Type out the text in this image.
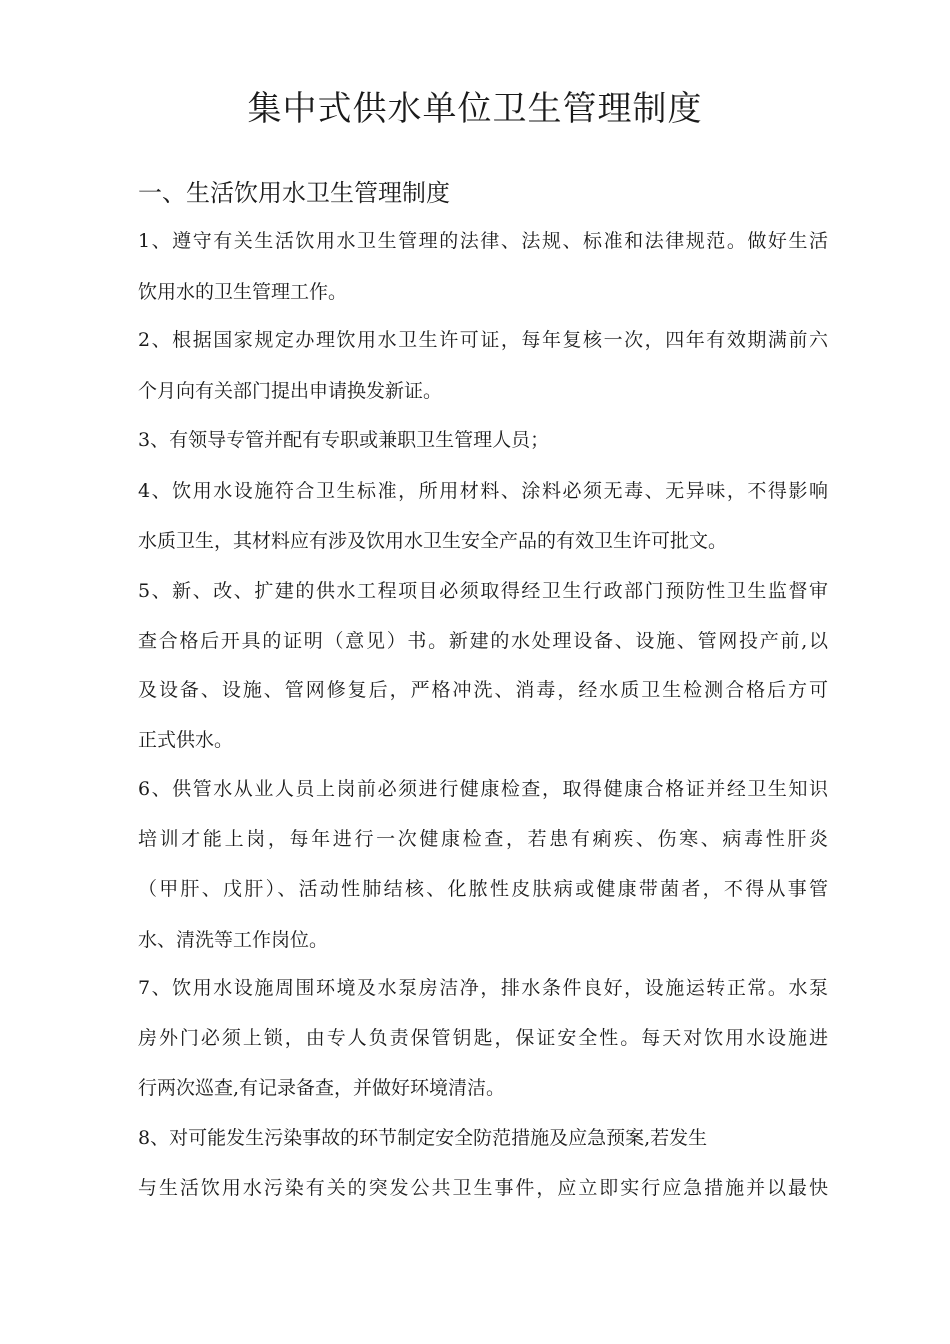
集中式供水单位卫生管理制度
一、生活饮用水卫生管理制度
1、遵守有关生活饮用水卫生管理的法律、法规、标准和法律规范。做好生活
饮用水的卫生管理工作。
2、根据国家规定办理饮用水卫生许可证，每年复核一次，四年有效期满前六
个月向有关部门提出申请换发新证。
3、有领导专管并配有专职或兼职卫生管理人员；
4、饮用水设施符合卫生标准，所用材料、涂料必须无毒、无异味，不得影响
水质卫生，其材料应有涉及饮用水卫生安全产品的有效卫生许可批文。
5、新、改、扩建的供水工程项目必须取得经卫生行政部门预防性卫生监督审
查合格后开具的证明（意见）书。新建的水处理设备、设施、管网投产前,以
及设备、设施、管网修复后，严格冲洗、消毒，经水质卫生检测合格后方可
正式供水。
6、供管水从业人员上岗前必须进行健康检查，取得健康合格证并经卫生知识
培训才能上岗，每年进行一次健康检查，若患有痢疾、伤寒、病毒性肝炎
（甲肝、戊肝）、活动性肺结核、化脓性皮肤病或健康带菌者，不得从事管
水、清洗等工作岗位。
7、饮用水设施周围环境及水泵房洁净，排水条件良好，设施运转正常。水泵
房外门必须上锁，由专人负责保管钥匙，保证安全性。每天对饮用水设施进
行两次巡查,有记录备查，并做好环境清洁。
8、对可能发生污染事故的环节制定安全防范措施及应急预案,若发生
与生活饮用水污染有关的突发公共卫生事件，应立即实行应急措施并以最快
